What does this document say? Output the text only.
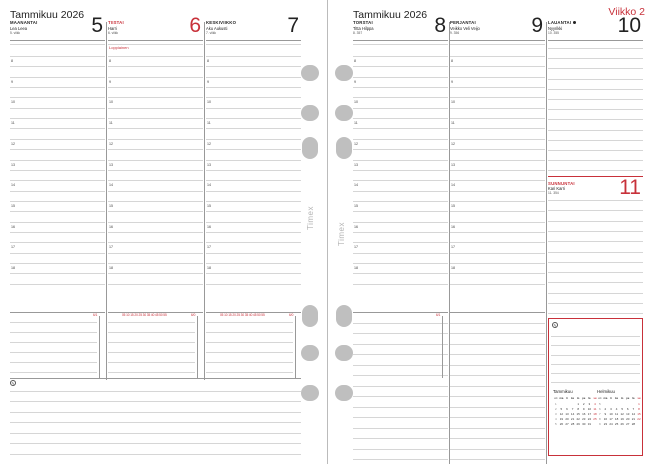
Tammikuu 2026
MAANANTAI
Lea Leea
5. viikk	5 TIISTAI
Harri
6. viikk	6
Loppiainen
KESKIVIIKKO
Aku Aukusti
7. viikk	7
8	8	8
9	9	9
10	10	10
11	11	11
12	12	12
13	13	13
14	14	14
15	15	15
16	16	16
17	17	17
18	18	18
6/1	6/0	6/0
05 10 15 20 25 30 35 40 45 50 55	05 10 15 20 25 30 35 40 45 50 55
✎
Tammikuu 2026	Viikko 2
TORSTAI
Titta Hilppa
8. 357	8 PERJANTAI
Veikko Veli Veijo
9. 356	9 LAUANTAI
Nyyrikki
10. 355	10
8	8
9	9
10	10
11	11
12	12
13	13
14	14
15	15
16	16
17	17
18	18
SUNNUNTAI
Kari Karri
11. 354	11
6/1
✎
Tammikuu
wk	ma	ti	ke	to	pe	la	su
1				1	2	3	4
2	5	6	7	8	9	10	11
3	12	13	14	15	16	17	18
4	19	20	21	22	23	24	25
5	26	27	28	29	30	31	
Helmikuu
wk	ma	ti	ke	to	pe	la	su
5							1
6	2	3	4	5	6	7	8
7	9	10	11	12	13	14	15
8	16	17	18	19	20	21	22
9	23	24	25	26	27	28	
Timex
Timex
